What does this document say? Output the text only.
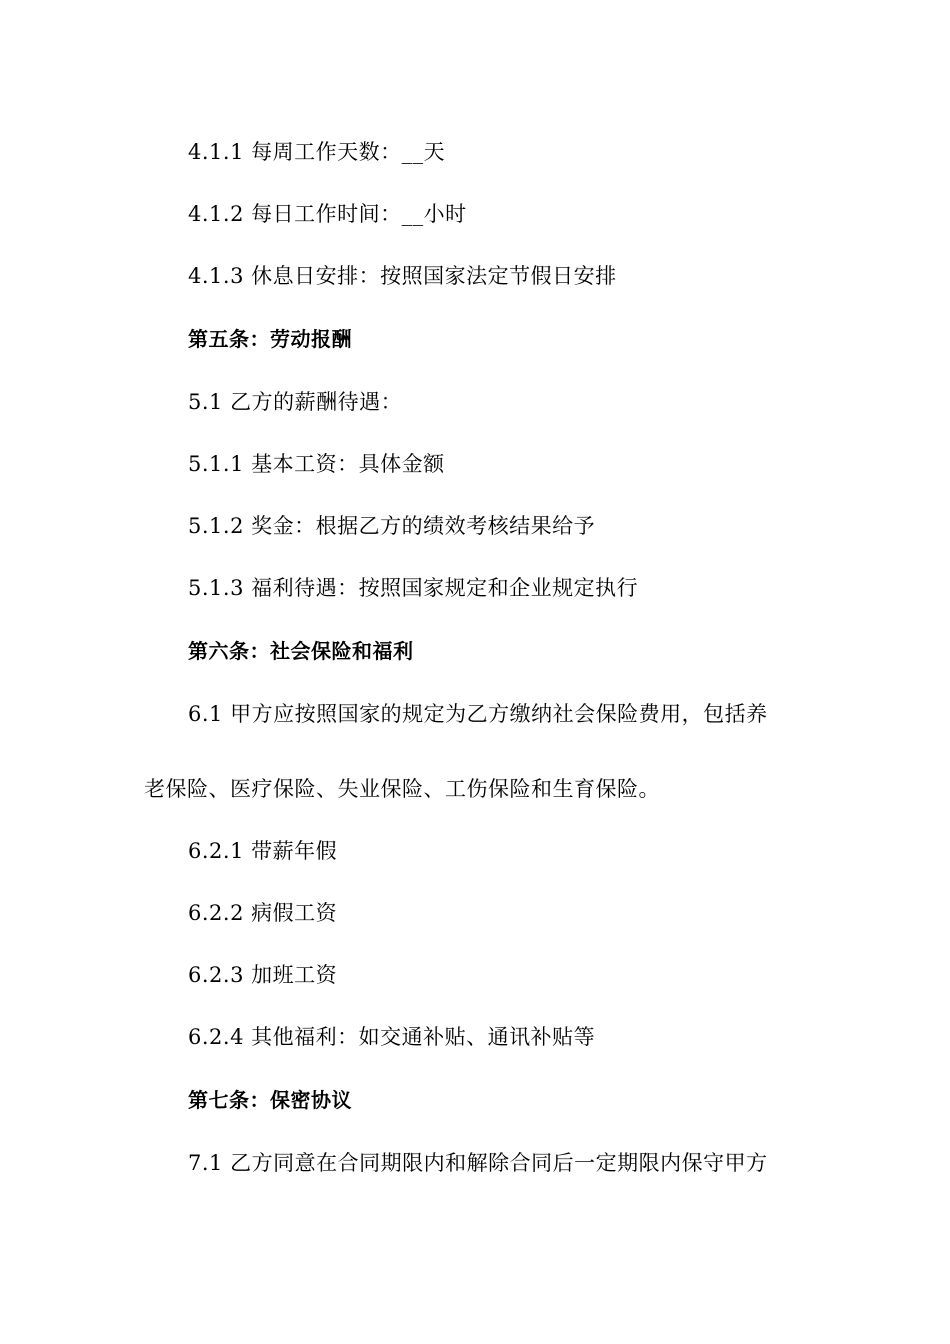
4.1.1 每周工作天数：__天
4.1.2 每日工作时间：__小时
4.1.3 休息日安排：按照国家法定节假日安排
第五条：劳动报酬
5.1 乙方的薪酬待遇：
5.1.1 基本工资：具体金额
5.1.2 奖金：根据乙方的绩效考核结果给予
5.1.3 福利待遇：按照国家规定和企业规定执行
第六条：社会保险和福利
6.1 甲方应按照国家的规定为乙方缴纳社会保险费用，包括养
老保险、医疗保险、失业保险、工伤保险和生育保险。
6.2.1 带薪年假
6.2.2 病假工资
6.2.3 加班工资
6.2.4 其他福利：如交通补贴、通讯补贴等
第七条：保密协议
7.1 乙方同意在合同期限内和解除合同后一定期限内保守甲方
